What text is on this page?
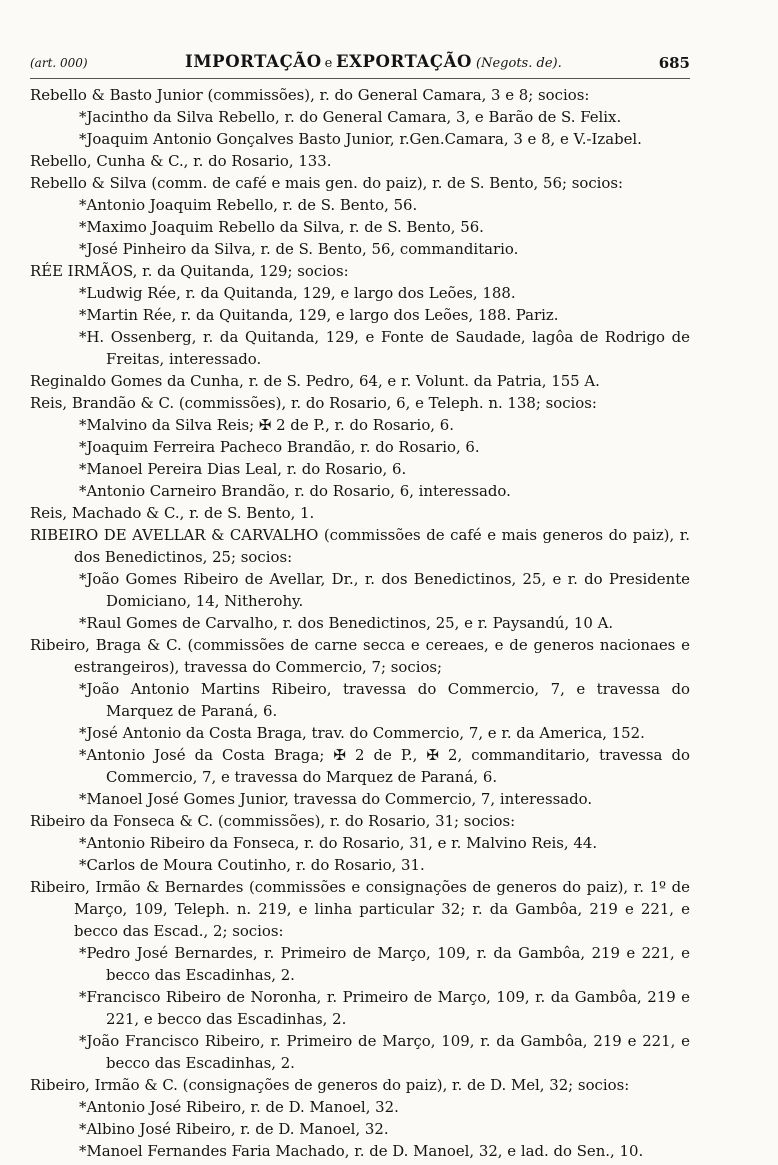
(art. 000)	IMPORTAÇÃO e EXPORTAÇÃO (Negots. de).	685
Rebello & Basto Junior (commissões), r. do General Camara, 3 e 8; socios:
*Jacintho da Silva Rebello, r. do General Camara, 3, e Barão de S. Felix.
*Joaquim Antonio Gonçalves Basto Junior, r.Gen.Camara, 3 e 8, e V.-Izabel.
Rebello, Cunha & C., r. do Rosario, 133.
Rebello & Silva (comm. de café e mais gen. do paiz), r. de S. Bento, 56; socios:
*Antonio Joaquim Rebello, r. de S. Bento, 56.
*Maximo Joaquim Rebello da Silva, r. de S. Bento, 56.
*José Pinheiro da Silva, r. de S. Bento, 56, commanditario.
RÉE IRMÃOS, r. da Quitanda, 129; socios:
*Ludwig Rée, r. da Quitanda, 129, e largo dos Leões, 188.
*Martin Rée, r. da Quitanda, 129, e largo dos Leões, 188. Pariz.
*H. Ossenberg, r. da Quitanda, 129, e Fonte de Saudade, lagôa de Rodrigo de Freitas, interessado.
Reginaldo Gomes da Cunha, r. de S. Pedro, 64, e r. Volunt. da Patria, 155 A.
Reis, Brandão & C. (commissões), r. do Rosario, 6, e Teleph. n. 138; socios:
*Malvino da Silva Reis; ✠ 2 de P., r. do Rosario, 6.
*Joaquim Ferreira Pacheco Brandão, r. do Rosario, 6.
*Manoel Pereira Dias Leal, r. do Rosario, 6.
*Antonio Carneiro Brandão, r. do Rosario, 6, interessado.
Reis, Machado & C., r. de S. Bento, 1.
RIBEIRO DE AVELLAR & CARVALHO (commissões de café e mais generos do paiz), r. dos Benedictinos, 25; socios:
*João Gomes Ribeiro de Avellar, Dr., r. dos Benedictinos, 25, e r. do Presidente Domiciano, 14, Nitherohy.
*Raul Gomes de Carvalho, r. dos Benedictinos, 25, e r. Paysandú, 10 A.
Ribeiro, Braga & C. (commissões de carne secca e cereaes, e de generos nacionaes e estrangeiros), travessa do Commercio, 7; socios;
*João Antonio Martins Ribeiro, travessa do Commercio, 7, e travessa do Marquez de Paraná, 6.
*José Antonio da Costa Braga, trav. do Commercio, 7, e r. da America, 152.
*Antonio José da Costa Braga; ✠ 2 de P., ✠ 2, commanditario, travessa do Commercio, 7, e travessa do Marquez de Paraná, 6.
*Manoel José Gomes Junior, travessa do Commercio, 7, interessado.
Ribeiro da Fonseca & C. (commissões), r. do Rosario, 31; socios:
*Antonio Ribeiro da Fonseca, r. do Rosario, 31, e r. Malvino Reis, 44.
*Carlos de Moura Coutinho, r. do Rosario, 31.
Ribeiro, Irmão & Bernardes (commissões e consignações de generos do paiz), r. 1º de Março, 109, Teleph. n. 219, e linha particular 32; r. da Gambôa, 219 e 221, e becco das Escad., 2; socios:
*Pedro José Bernardes, r. Primeiro de Março, 109, r. da Gambôa, 219 e 221, e becco das Escadinhas, 2.
*Francisco Ribeiro de Noronha, r. Primeiro de Março, 109, r. da Gambôa, 219 e 221, e becco das Escadinhas, 2.
*João Francisco Ribeiro, r. Primeiro de Março, 109, r. da Gambôa, 219 e 221, e becco das Escadinhas, 2.
Ribeiro, Irmão & C. (consignações de generos do paiz), r. de D. Mel, 32; socios:
*Antonio José Ribeiro, r. de D. Manoel, 32.
*Albino José Ribeiro, r. de D. Manoel, 32.
*Manoel Fernandes Faria Machado, r. de D. Manoel, 32, e lad. do Sen., 10.
